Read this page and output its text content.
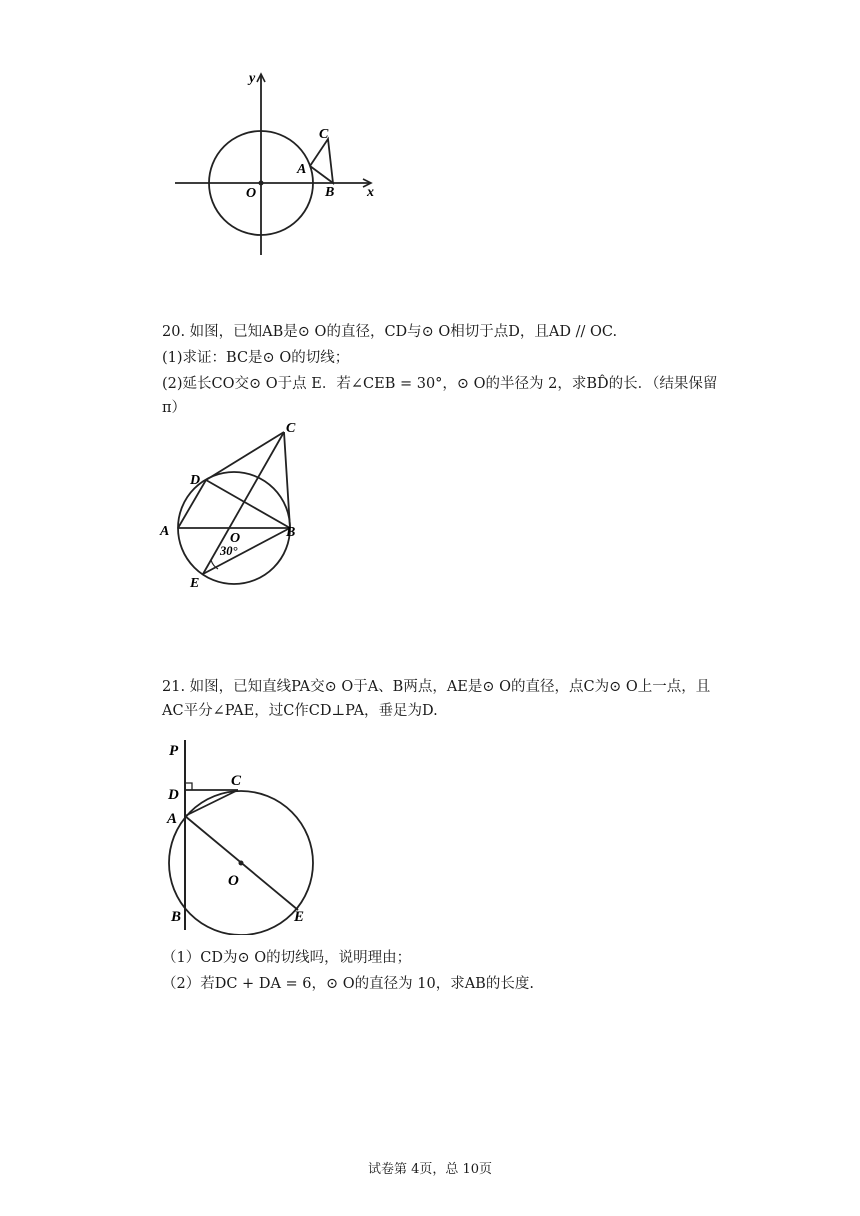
y
x
O
A
B
C
20. 如图，已知AB是⊙ O的直径，CD与⊙ O相切于点D，且AD // OC.
(1)求证：BC是⊙ O的切线；
(2)延长CO交⊙ O于点 E．若∠CEB = 30°，⊙ O的半径为 2，求BD̂的长．（结果保留
π）
C
D
A	O	B
E
30°
21. 如图，已知直线PA交⊙ O于A、B两点，AE是⊙ O的直径，点C为⊙ O上一点，且
AC平分∠PAE，过C作CD⊥PA，垂足为D.
P
D
C
A
O
B	E
（1）CD为⊙ O的切线吗，说明理由；
（2）若DC + DA = 6，⊙ O的直径为 10，求AB的长度.
试卷第 4页，总 10页
